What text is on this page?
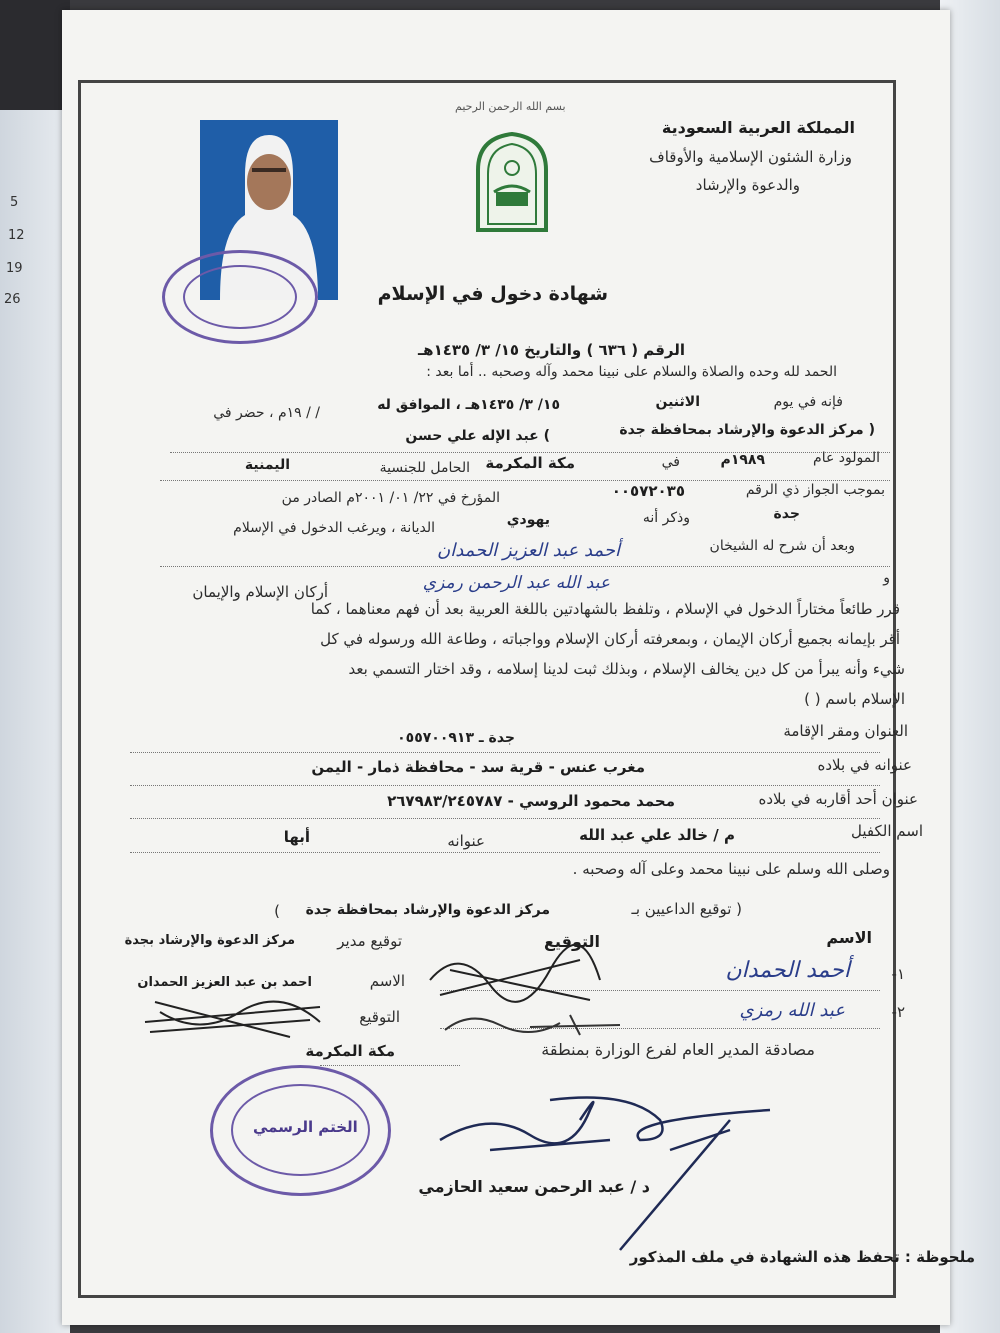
5
12
19
26
المملكة العربية السعودية
وزارة الشئون الإسلامية والأوقاف
والدعوة والإرشاد
بسم الله الرحمن الرحيم
شهادة دخول في الإسلام
الرقم ( ٦٣٦ ) والتاريخ ١٥/ ٣/ ١٤٣٥هـ
الحمد لله وحده والصلاة والسلام على نبينا محمد وآله وصحبه .. أما بعد :
فإنه في يوم
الاثنين
١٥/ ٣/ ١٤٣٥هـ ، الموافق له
/ / ١٩م ، حضر في
( مركز الدعوة والإرشاد بمحافظة جدة
) عبد الإله علي حسن
المولود عام
١٩٨٩م
في
مكة المكرمة
الحامل للجنسية
اليمنية
بموجب الجواز ذي الرقم
٠٠٥٧٢٠٣٥
المؤرخ في ٢٢/ ٠١/ ٢٠٠١م الصادر من
جدة
وذكر أنه
يهودي
الديانة ، ويرغب الدخول في الإسلام
وبعد أن شرح له الشيخان
أحمد عبد العزيز الحمدان
عبد الله عبد الرحمن رمزي	و
أركان الإسلام والإيمان
قرر طائعاً مختاراً الدخول في الإسلام ، وتلفظ بالشهادتين باللغة العربية بعد أن فهم معناهما ، كما
أقر بإيمانه بجميع أركان الإيمان ، وبمعرفته أركان الإسلام وواجباته ، وطاعة الله ورسوله في كل
شيء وأنه يبرأ من كل دين يخالف الإسلام ، وبذلك ثبت لدينا إسلامه ، وقد اختار التسمي بعد
الإسلام باسم ( )
العنوان ومقر الإقامة
جدة ـ ٠٥٥٧٠٠٩١٣
عنوانه في بلاده
مغرب عنس - قرية سد - محافظة ذمار - اليمن
عنوان أحد أقاربه في بلاده
محمد محمود الروسي - ٢٦٧٩٨٣/٢٤٥٧٨٧
اسم الكفيل
م / خالد علي عبد الله
عنوانه
أبها
وصلى الله وسلم على نبينا محمد وعلى آله وصحبه .
( توقيع الداعيين بـ
مركز الدعوة والإرشاد بمحافظة جدة
)
الاسم
التوقيع
١-
٢-
أحمد الحمدان
عبد الله رمزي
توقيع مدير
مركز الدعوة والإرشاد بجدة
الاسم
احمد بن عبد العزيز الحمدان
التوقيع
مصادقة المدير العام لفرع الوزارة بمنطقة
مكة المكرمة
الختم الرسمي
د / عبد الرحمن سعيد الحازمي
ملحوظة : تحفظ هذه الشهادة في ملف المذكور
